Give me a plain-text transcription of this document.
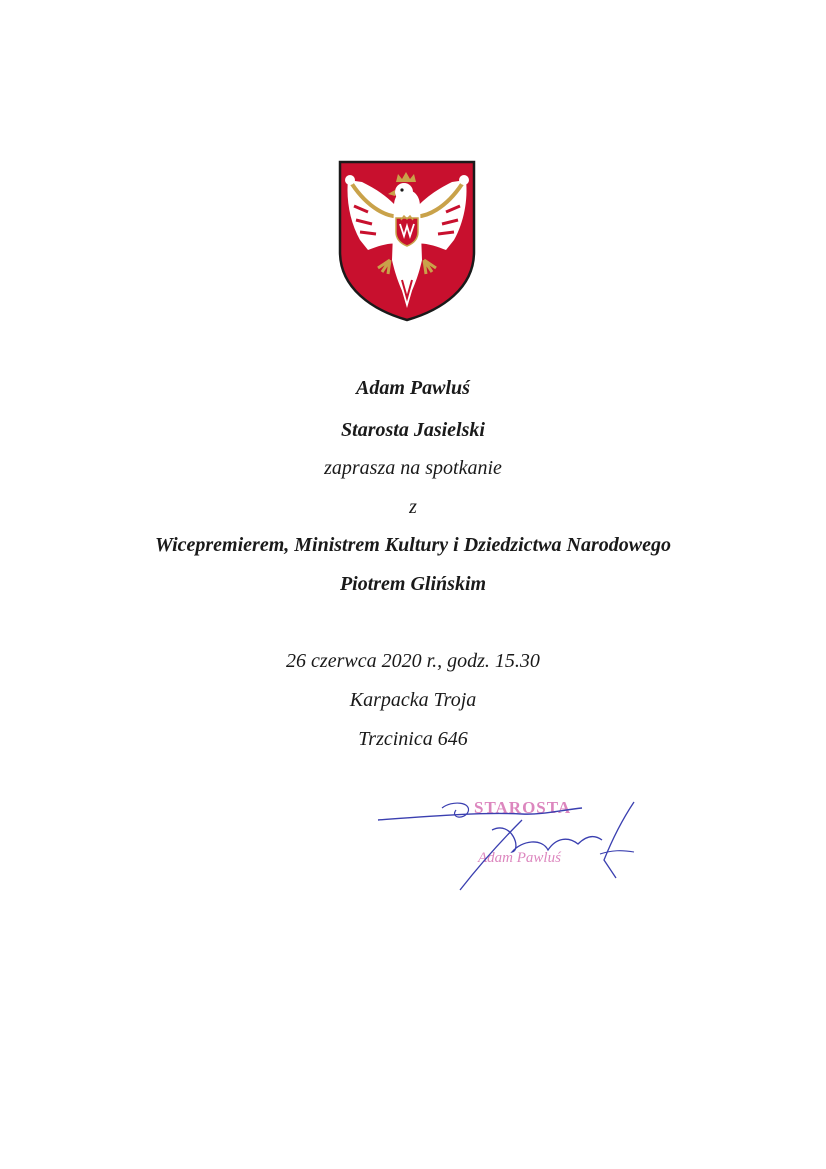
Adam Pawluś
Starosta Jasielski
zaprasza na spotkanie
z
Wicepremierem, Ministrem Kultury i Dziedzictwa Narodowego
Piotrem Glińskim
26 czerwca 2020 r., godz. 15.30
Karpacka Troja
Trzcinica 646
STAROSTA
Adam Pawluś
